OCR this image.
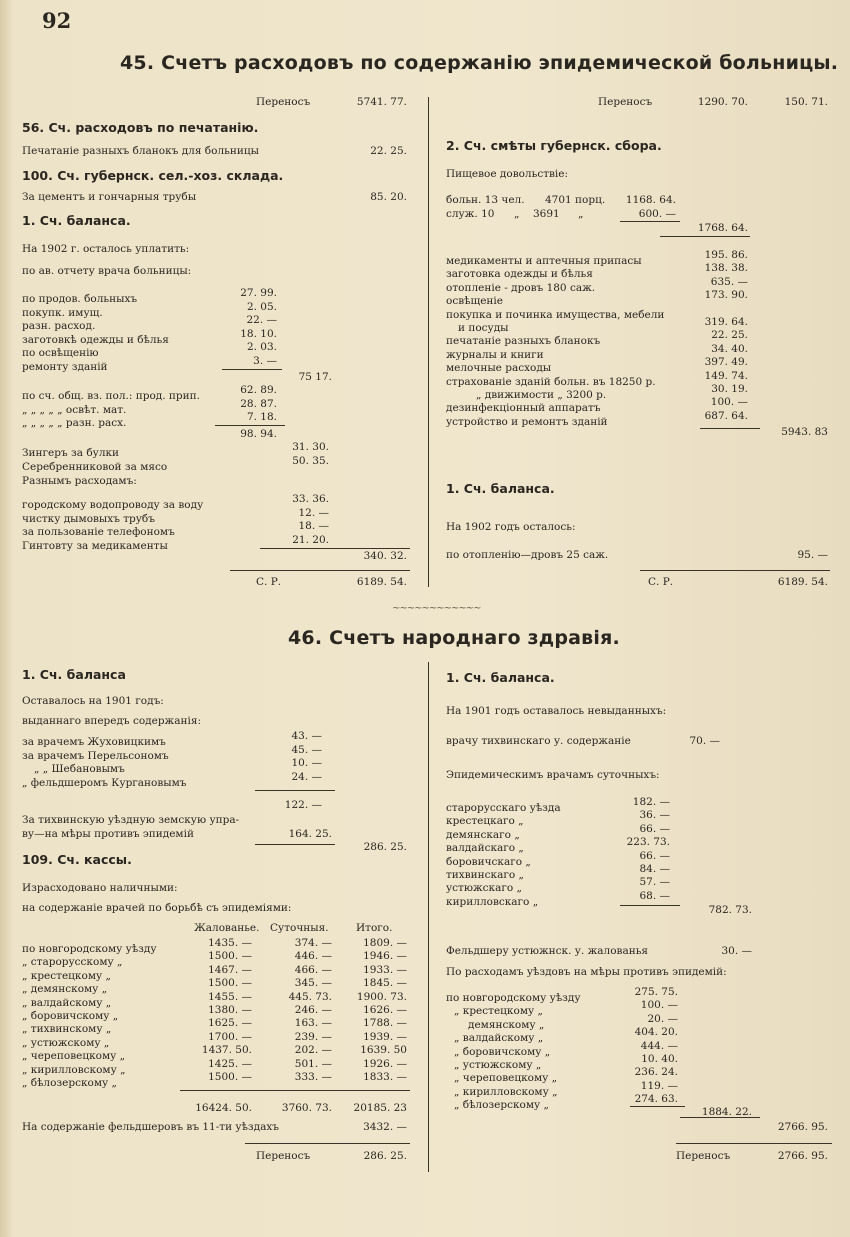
92
45. Счетъ расходовъ по содержанію эпидемической больницы.
Переносъ	5741. 77.
56. Сч. расходовъ по печатанію.
Печатаніе разныхъ бланокъ для больницы	22. 25.
100. Сч. губернск. сел.-хоз. склада.
За цементъ и гончарныя трубы	85. 20.
1. Сч. баланса.
На 1902 г. осталось уплатить:
по ав. отчету врача больницы:
по продов. больныхъ	27. 99.
покупк. имущ.	2. 05.
разн. расход.	22. —
заготовкѣ одежды и бѣлья	18. 10.
по освѣщенію	2. 03.
ремонту зданій	3. —
75 17.
по сч. общ. вз. пол.: прод. прип.	62. 89.
„ „ „ „ „ освѣт. мат.	28. 87.
„ „ „ „ „ разн. расх.	7. 18.
98. 94.
Зингеръ за булки	31. 30.
Серебренниковой за мясо	50. 35.
Разнымъ расходамъ:
городскому водопроводу за воду	33. 36.
чистку дымовыхъ трубъ	12. —
за пользованіе телефономъ	18. —
Гинтовту за медикаменты	21. 20.
340. 32.
С. Р.	6189. 54.
Переносъ	1290. 70.	150. 71.
2. Сч. смѣты губернск. сбора.
Пищевое довольствіе:
больн. 13 чел. 4701 порц.	1168. 64.
служ. 10 „ 3691 „	600. —
1768. 64.
медикаменты и аптечныя припасы	195. 86.
заготовка одежды и бѣлья	138. 38.
отопленіе - дровъ 180 саж.	635. —
освѣщеніе	173. 90.
покупка и починка имущества, мебели
и посуды	319. 64.
печатаніе разныхъ бланокъ	22. 25.
журналы и книги	34. 40.
мелочные расходы	397. 49.
страхованіе зданій больн. въ 18250 р.	149. 74.
„ движимости „ 3200 р.	30. 19.
дезинфекціонный аппаратъ	100. —
устройство и ремонтъ зданій	687. 64.
5943. 83
1. Сч. баланса.
На 1902 годъ осталось:
по отопленію—дровъ 25 саж.	95. —
С. Р.	6189. 54.
~~~~~~~~~~~~
46. Счетъ народнаго здравія.
1. Сч. баланса
Оставалось на 1901 годъ:
выданнаго впередъ содержанія:
за врачемъ Жуховицкимъ	43. —
за врачемъ Перельсономъ	45. —
„ „ Шебановымъ	10. —
„ фельдшеромъ Кургановымъ	24. —
122. —
За тихвинскую уѣздную земскую упра-
ву—на мѣры противъ эпидемій	164. 25.
286. 25.
109. Сч. кассы.
Израсходовано наличными:
на содержаніе врачей по борьбѣ съ эпидеміями:
Жалованье. Суточныя.	Итого.
по новгородскому уѣзду	1435. —	374. —	1809. —
„ старорусскому „	1500. —	446. —	1946. —
„ крестецкому „	1467. —	466. —	1933. —
„ демянскому „	1500. —	345. —	1845. —
„ валдайскому „	1455. —	445. 73.	1900. 73.
„ боровичскому „	1380. —	246. —	1626. —
„ тихвинскому „	1625. —	163. —	1788. —
„ устюжскому „	1700. —	239. —	1939. —
„ череповецкому „	1437. 50.	202. —	1639. 50
„ кирилловскому „	1425. —	501. —	1926. —
„ бѣлозерскому „	1500. —	333. —	1833. —
16424. 50.	3760. 73.	20185. 23
На содержаніе фельдшеровъ въ 11-ти уѣздахъ	3432. —
Переносъ	286. 25.
1. Сч. баланса.
На 1901 годъ оставалось невыданныхъ:
врачу тихвинскаго у. содержаніе	70. —
Эпидемическимъ врачамъ суточныхъ:
старорусскаго уѣзда	182. —
крестецкаго „	36. —
демянскаго „	66. —
валдайскаго „	223. 73.
боровичскаго „	66. —
тихвинскаго „	84. —
устюжскаго „	57. —
кирилловскаго „	68. —
782. 73.
Фельдшеру устюжнск. у. жалованья	30. —
По расходамъ уѣздовъ на мѣры противъ эпидемій:
по новгородскому уѣзду	275. 75.
„ крестецкому „	100. —
демянскому „	20. —
„ валдайскому „	404. 20.
„ боровичскому „	444. —
„ устюжскому „	10. 40.
„ череповецкому „	236. 24.
„ кирилловскому „	119. —
„ бѣлозерскому „	274. 63.
1884. 22.
2766. 95.
Переносъ	2766. 95.
